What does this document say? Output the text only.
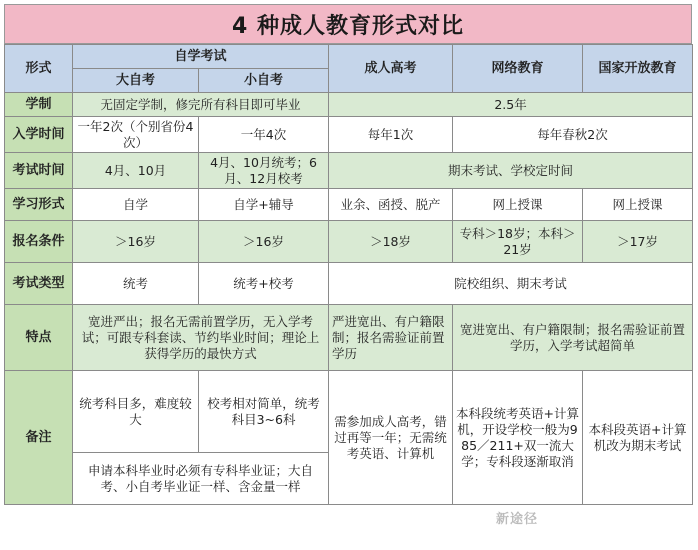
4 种成人教育形式对比
形式	自学考试		成人高考	网络教育	国家开放教育
	大自考	小自考			
学制	无固定学制，修完所有科目即可毕业		2.5年		
入学时间	一年2次（个别省份4次）	一年4次	每年1次	每年春秋2次	
考试时间	4月、10月	4月、10月统考；6月、12月校考	期末考试、学校定时间		
学习形式	自学	自学+辅导	业余、函授、脱产	网上授课	网上授课
报名条件	＞16岁	＞16岁	＞18岁	专科＞18岁；本科＞21岁	＞17岁
考试类型	统考	统考+校考	院校组织、期末考试		
特点	宽进严出；报名无需前置学历，无入学考试；可跟专科套读、节约毕业时间；理论上获得学历的最快方式		严进宽出、有户籍限制；报名需验证前置学历	宽进宽出、有户籍限制；报名需验证前置学历，入学考试超简单	
备注	统考科目多，难度较大	校考相对简单，统考科目3~6科	需参加成人高考，错过再等一年；无需统考英语、计算机	本科段统考英语+计算机，开设学校一般为985／211+双一流大学；专科段逐渐取消	本科段英语+计算机改为期末考试
	申请本科毕业时必须有专科毕业证；大自考、小自考毕业证一样、含金量一样				
新途径
